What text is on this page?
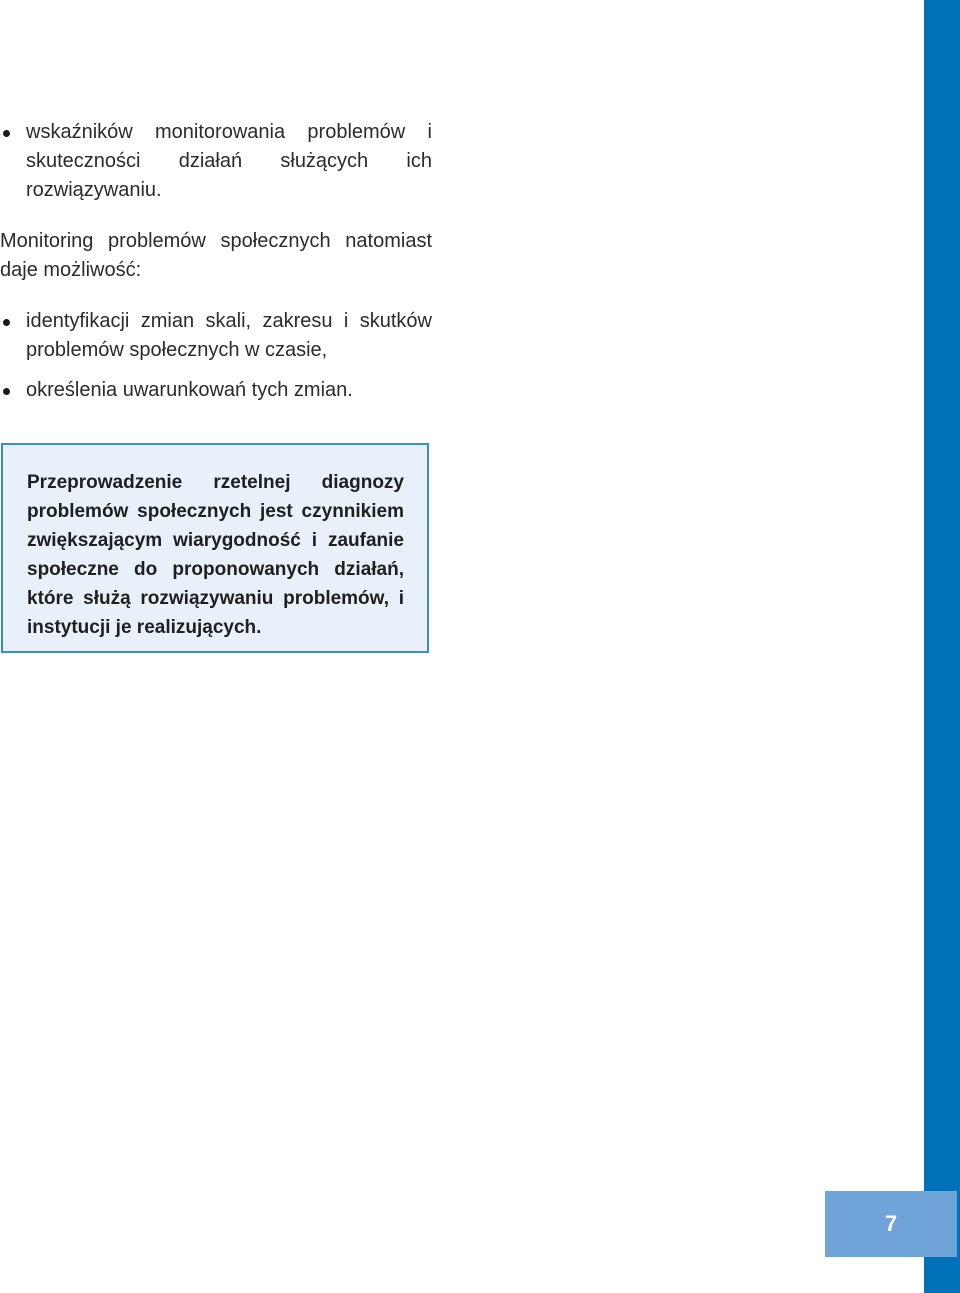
wskaźników monitorowania problemów i skuteczności działań służących ich rozwiązywaniu.

Monitoring problemów społecznych natomiast daje możliwość:

identyfikacji zmian skali, zakresu i skutków problemów społecznych w czasie,
określenia uwarunkowań tych zmian.

Przeprowadzenie rzetelnej diagnozy problemów społecznych jest czynnikiem zwiększającym wiarygodność i zaufanie społeczne do proponowanych działań, które służą rozwiązywaniu problemów, i instytucji je realizujących.

7
